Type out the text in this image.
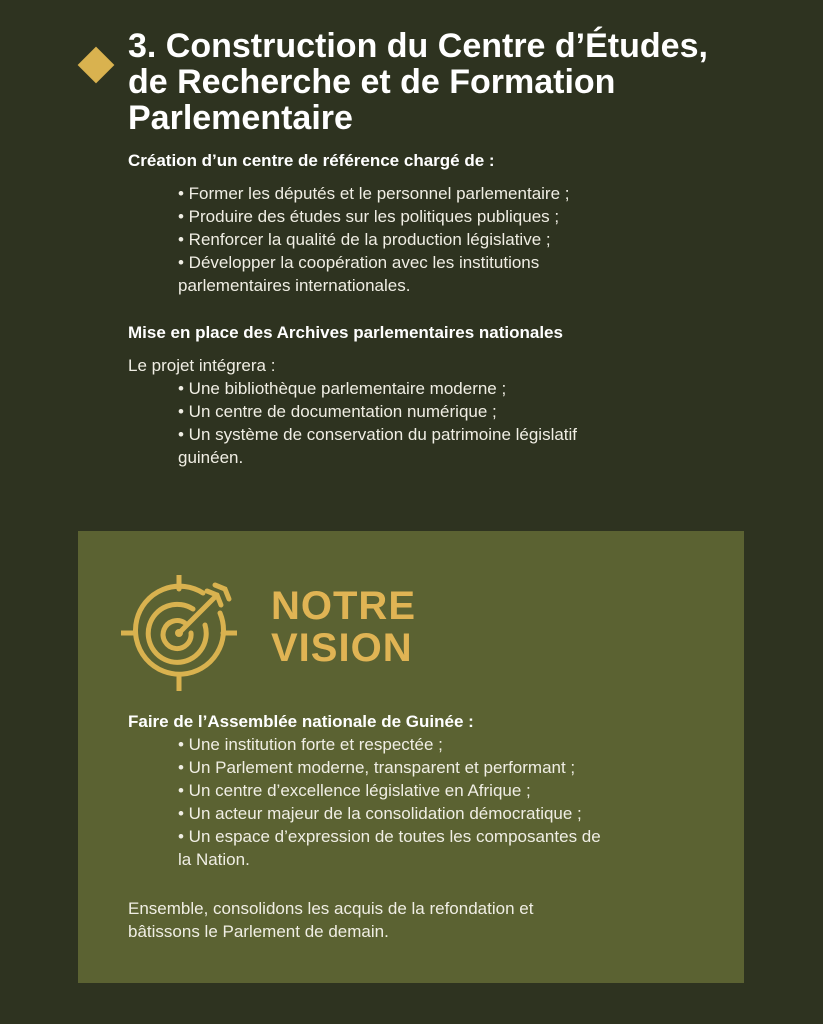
3. Construction du Centre d’Études,
de Recherche et de Formation
Parlementaire
Création d’un centre de référence chargé de :
• Former les députés et le personnel parlementaire ;
• Produire des études sur les politiques publiques ;
• Renforcer la qualité de la production législative ;
• Développer la coopération avec les institutions
parlementaires internationales.
Mise en place des Archives parlementaires nationales

Le projet intégrera :

• Une bibliothèque parlementaire moderne ;
• Un centre de documentation numérique ;
• Un système de conservation du patrimoine législatif
guinéen.
NOTRE
VISION
Faire de l’Assemblée nationale de Guinée :
• Une institution forte et respectée ;
• Un Parlement moderne, transparent et performant ;
• Un centre d’excellence législative en Afrique ;
• Un acteur majeur de la consolidation démocratique ;
• Un espace d’expression de toutes les composantes de
la Nation.

Ensemble, consolidons les acquis de la refondation et
bâtissons le Parlement de demain.
